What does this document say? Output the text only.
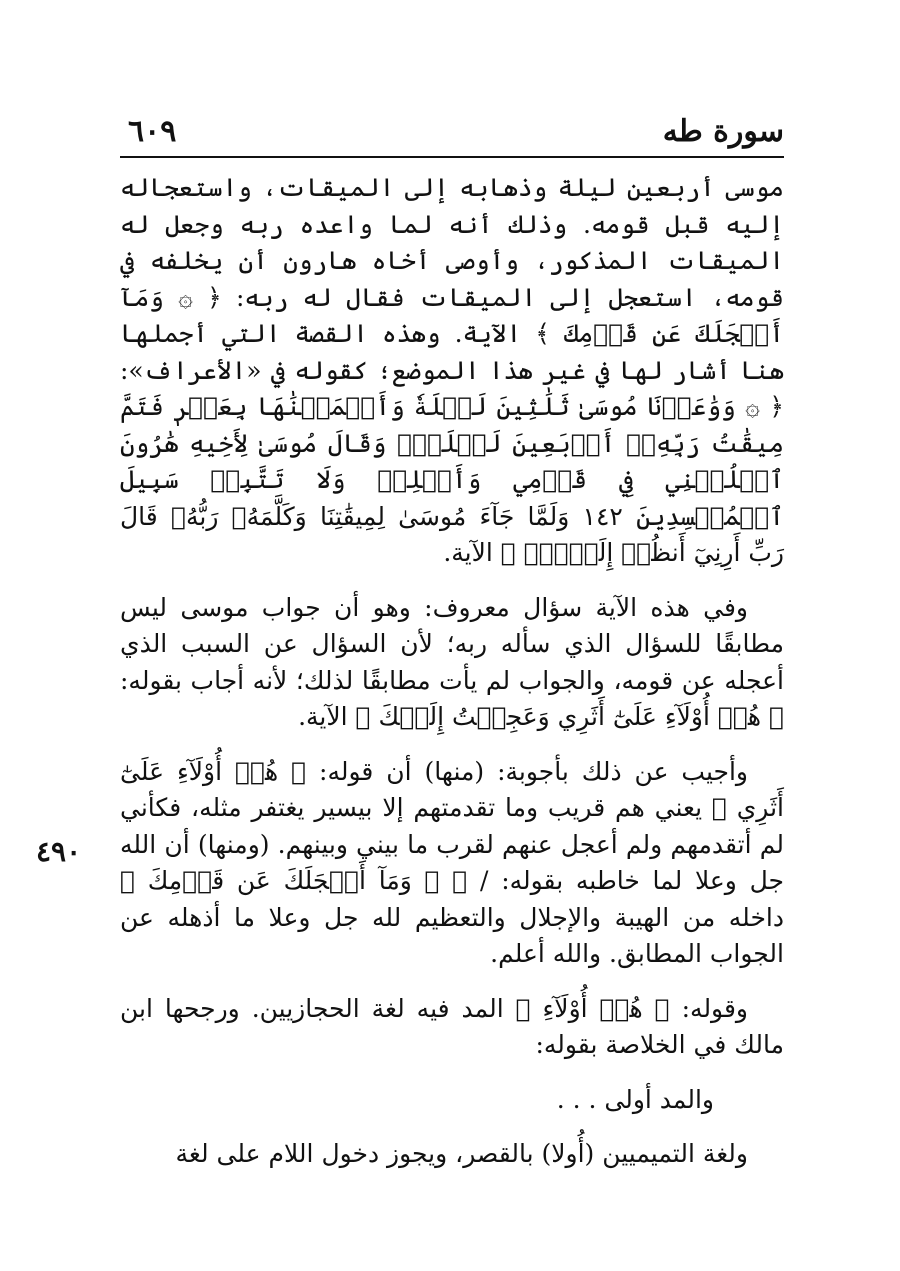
سورة طه
٦٠٩
٤٩٠

موسى أربعين ليلة وذهابه إلى الميقات، واستعجاله إليه قبل قومه. وذلك أنه لما واعده ربه وجعل له الميقات المذكور، وأوصى أخاه هارون أن يخلفه في قومه، استعجل إلى الميقات فقال له ربه: ﴿ ۞ وَمَآ أَعۡجَلَكَ عَن قَوۡمِكَ ﴾ الآية. وهذه القصة التي أجملها هنا أشار لها في غير هذا الموضع؛ كقوله في «الأعراف»: ﴿ ۞ وَوَٰعَدۡنَا مُوسَىٰ ثَلَٰثِينَ لَيۡلَةٗ وَأَتۡمَمۡنَٰهَا بِعَشۡرٖ فَتَمَّ مِيقَٰتُ رَبِّهِۦٓ أَرۡبَعِينَ لَيۡلَةٗۚ وَقَالَ مُوسَىٰ لِأَخِيهِ هَٰرُونَ ٱخۡلُفۡنِي فِي قَوۡمِي وَأَصۡلِحۡ وَلَا تَتَّبِعۡ سَبِيلَ ٱلۡمُفۡسِدِينَ ١٤٢ وَلَمَّا جَآءَ مُوسَىٰ لِمِيقَٰتِنَا وَكَلَّمَهُۥ رَبُّهُۥ قَالَ رَبِّ أَرِنِيٓ أَنظُرۡ إِلَيۡكَۚ ﴾ الآية.

وفي هذه الآية سؤال معروف: وهو أن جواب موسى ليس مطابقًا للسؤال الذي سأله ربه؛ لأن السؤال عن السبب الذي أعجله عن قومه، والجواب لم يأت مطابقًا لذلك؛ لأنه أجاب بقوله: ﴿ هُمۡ أُوْلَآءِ عَلَىٰٓ أَثَرِي وَعَجِلۡتُ إِلَيۡكَ ﴾ الآية.

وأجيب عن ذلك بأجوبة: (منها) أن قوله: ﴿ هُمۡ أُوْلَآءِ عَلَىٰٓ أَثَرِي ﴾ يعني هم قريب وما تقدمتهم إلا بيسير يغتفر مثله، فكأني لم أتقدمهم ولم أعجل عنهم لقرب ما بيني وبينهم. (ومنها) أن الله جل وعلا لما خاطبه بقوله: / ﴿ ۞ وَمَآ أَعۡجَلَكَ عَن قَوۡمِكَ ﴾ داخله من الهيبة والإجلال والتعظيم لله جل وعلا ما أذهله عن الجواب المطابق. والله أعلم.

وقوله: ﴿ هُمۡ أُوْلَآءِ ﴾ المد فيه لغة الحجازيين. ورجحها ابن مالك في الخلاصة بقوله:

والمد أولى . . .

ولغة التميميين (أُولا) بالقصر، ويجوز دخول اللام على لغة
